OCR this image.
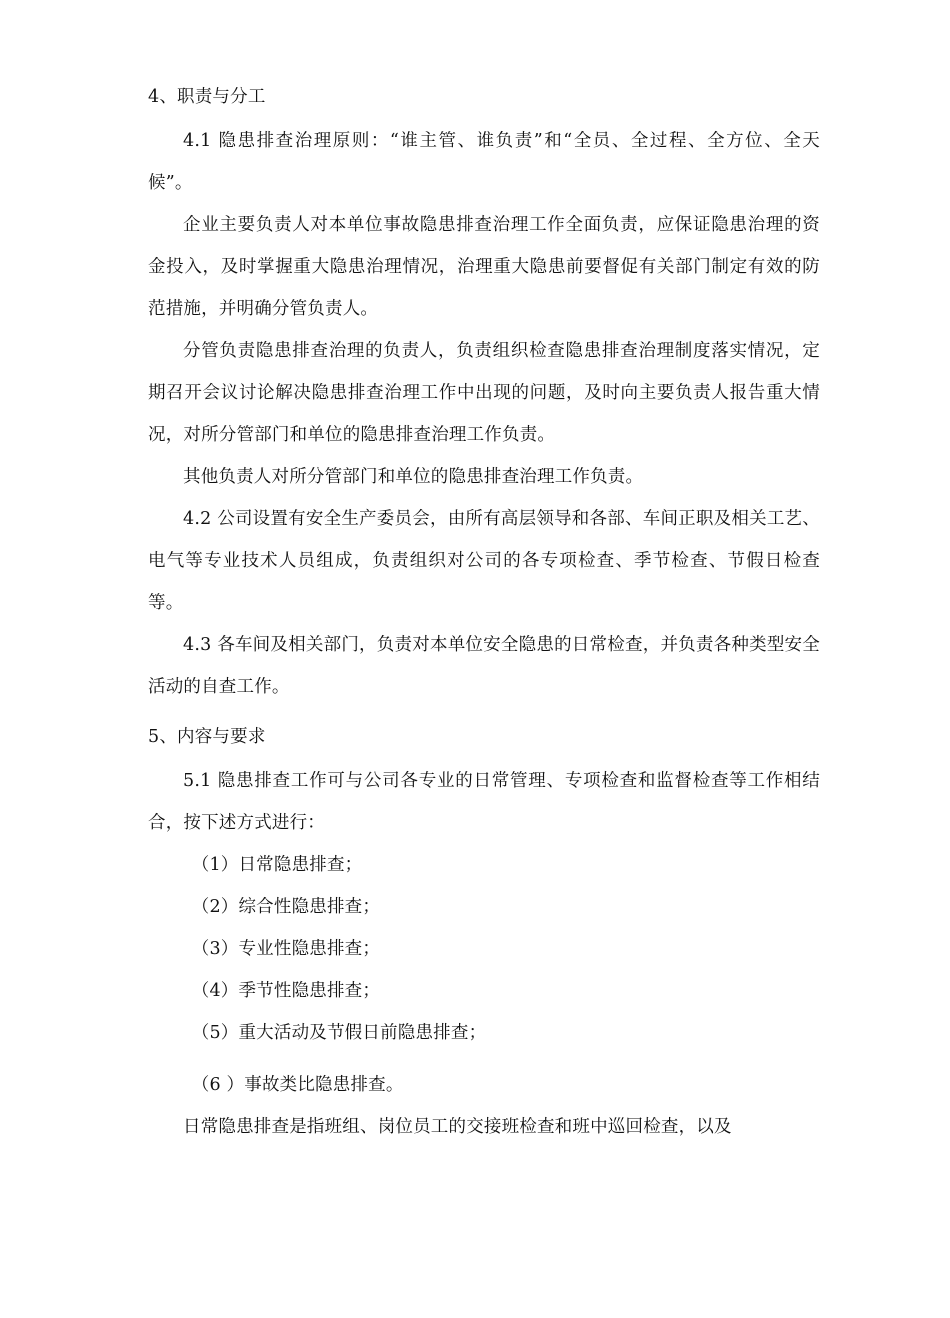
4、职责与分工

4.1 隐患排查治理原则：“谁主管、谁负责”和“全员、全过程、全方位、全天候”。

企业主要负责人对本单位事故隐患排查治理工作全面负责，应保证隐患治理的资金投入，及时掌握重大隐患治理情况，治理重大隐患前要督促有关部门制定有效的防范措施，并明确分管负责人。

分管负责隐患排查治理的负责人，负责组织检查隐患排查治理制度落实情况，定期召开会议讨论解决隐患排查治理工作中出现的问题，及时向主要负责人报告重大情况，对所分管部门和单位的隐患排查治理工作负责。

其他负责人对所分管部门和单位的隐患排查治理工作负责。

4.2 公司设置有安全生产委员会，由所有高层领导和各部、车间正职及相关工艺、电气等专业技术人员组成，负责组织对公司的各专项检查、季节检查、节假日检查等。

4.3 各车间及相关部门，负责对本单位安全隐患的日常检查，并负责各种类型安全活动的自查工作。

5、内容与要求

5.1 隐患排查工作可与公司各专业的日常管理、专项检查和监督检查等工作相结合，按下述方式进行：

（1）日常隐患排查；

（2）综合性隐患排查；

（3）专业性隐患排查；

（4）季节性隐患排查；

（5）重大活动及节假日前隐患排查；

（6 ）事故类比隐患排查。

日常隐患排查是指班组、岗位员工的交接班检查和班中巡回检查，以及
